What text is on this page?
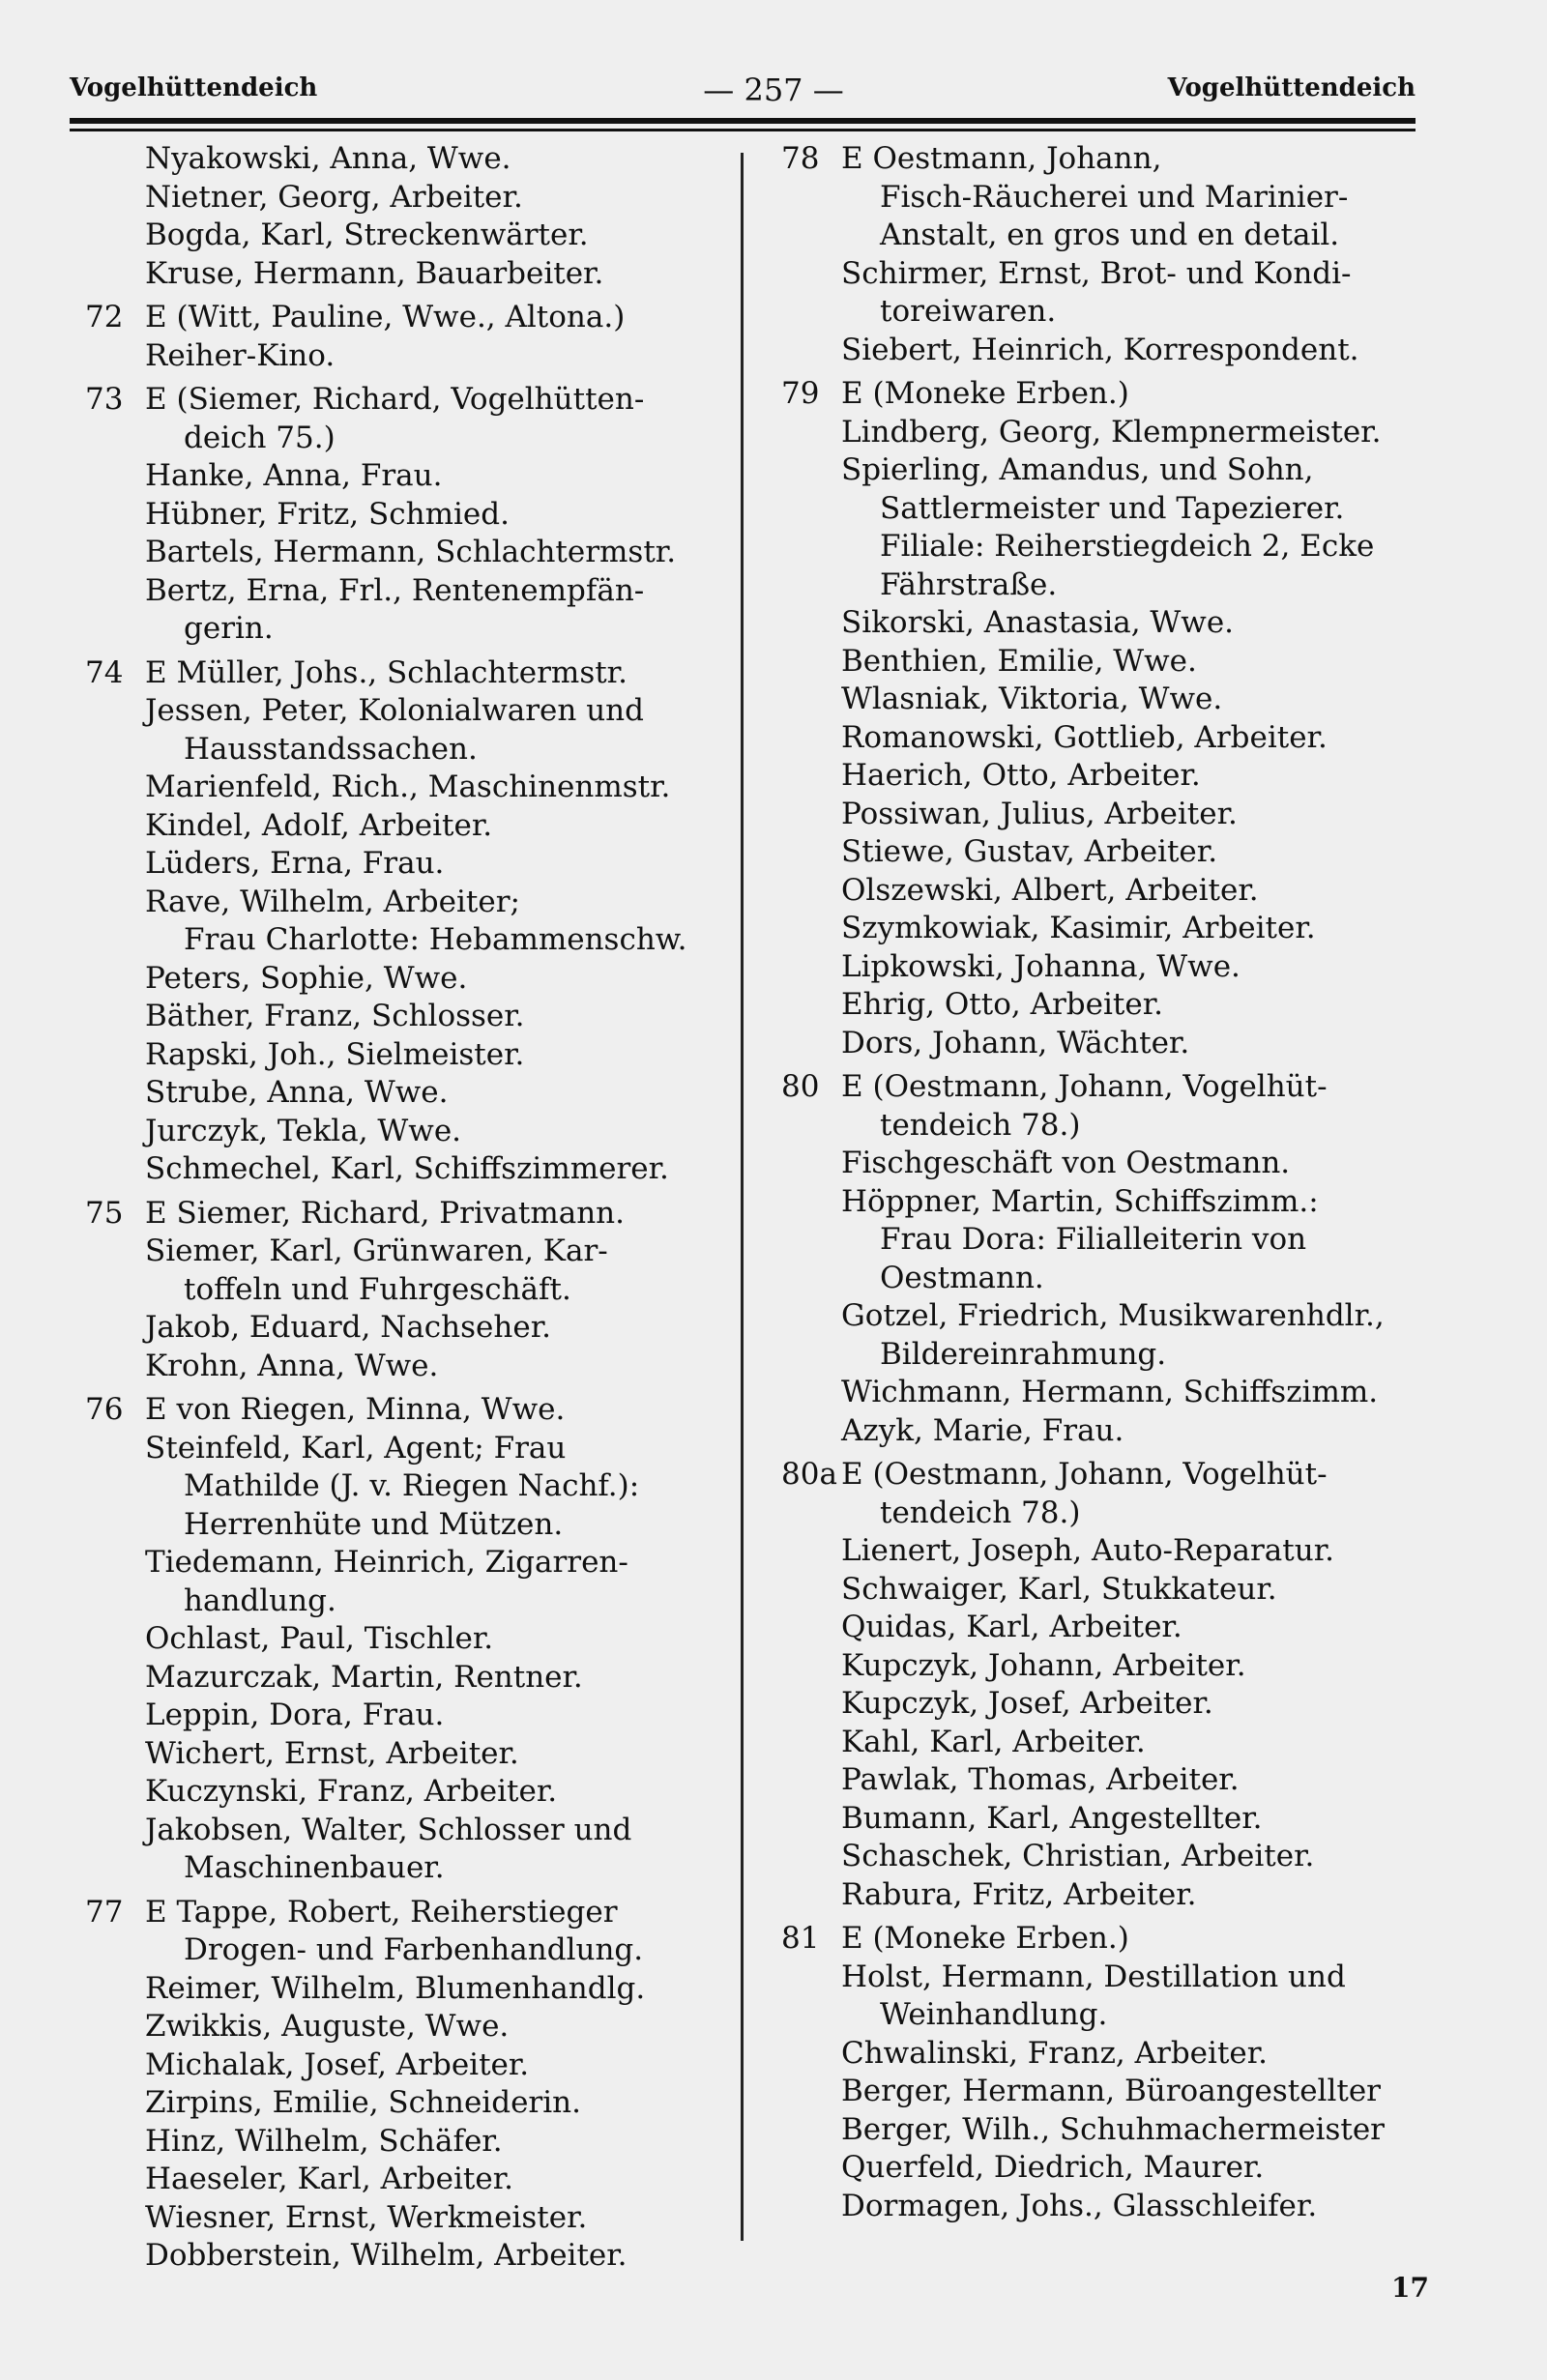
Vogelhüttendeich	— 257 —	Vogelhüttendeich
Nyakowski, Anna, Wwe.
Nietner, Georg, Arbeiter.
Bogda, Karl, Streckenwärter.
Kruse, Hermann, Bauarbeiter.
72 E (Witt, Pauline, Wwe., Altona.)
Reiher-Kino.
73 E (Siemer, Richard, Vogelhütten-
deich 75.)
Hanke, Anna, Frau.
Hübner, Fritz, Schmied.
Bartels, Hermann, Schlachtermstr.
Bertz, Erna, Frl., Rentenempfän-
gerin.
74 E Müller, Johs., Schlachtermstr.
Jessen, Peter, Kolonialwaren und
Hausstandssachen.
Marienfeld, Rich., Maschinenmstr.
Kindel, Adolf, Arbeiter.
Lüders, Erna, Frau.
Rave, Wilhelm, Arbeiter;
Frau Charlotte: Hebammenschw.
Peters, Sophie, Wwe.
Bäther, Franz, Schlosser.
Rapski, Joh., Sielmeister.
Strube, Anna, Wwe.
Jurczyk, Tekla, Wwe.
Schmechel, Karl, Schiffszimmerer.
75 E Siemer, Richard, Privatmann.
Siemer, Karl, Grünwaren, Kar-
toffeln und Fuhrgeschäft.
Jakob, Eduard, Nachseher.
Krohn, Anna, Wwe.
76 E von Riegen, Minna, Wwe.
Steinfeld, Karl, Agent; Frau
Mathilde (J. v. Riegen Nachf.):
Herrenhüte und Mützen.
Tiedemann, Heinrich, Zigarren-
handlung.
Ochlast, Paul, Tischler.
Mazurczak, Martin, Rentner.
Leppin, Dora, Frau.
Wichert, Ernst, Arbeiter.
Kuczynski, Franz, Arbeiter.
Jakobsen, Walter, Schlosser und
Maschinenbauer.
77 E Tappe, Robert, Reiherstieger
Drogen- und Farbenhandlung.
Reimer, Wilhelm, Blumenhandlg.
Zwikkis, Auguste, Wwe.
Michalak, Josef, Arbeiter.
Zirpins, Emilie, Schneiderin.
Hinz, Wilhelm, Schäfer.
Haeseler, Karl, Arbeiter.
Wiesner, Ernst, Werkmeister.
Dobberstein, Wilhelm, Arbeiter.
78 E Oestmann, Johann,
Fisch-Räucherei und Marinier-
Anstalt, en gros und en detail.
Schirmer, Ernst, Brot- und Kondi-
toreiwaren.
Siebert, Heinrich, Korrespondent.
79 E (Moneke Erben.)
Lindberg, Georg, Klempnermeister.
Spierling, Amandus, und Sohn,
Sattlermeister und Tapezierer.
Filiale: Reiherstiegdeich 2, Ecke
Fährstraße.
Sikorski, Anastasia, Wwe.
Benthien, Emilie, Wwe.
Wlasniak, Viktoria, Wwe.
Romanowski, Gottlieb, Arbeiter.
Haerich, Otto, Arbeiter.
Possiwan, Julius, Arbeiter.
Stiewe, Gustav, Arbeiter.
Olszewski, Albert, Arbeiter.
Szymkowiak, Kasimir, Arbeiter.
Lipkowski, Johanna, Wwe.
Ehrig, Otto, Arbeiter.
Dors, Johann, Wächter.
80 E (Oestmann, Johann, Vogelhüt-
tendeich 78.)
Fischgeschäft von Oestmann.
Höppner, Martin, Schiffszimm.:
Frau Dora: Filialleiterin von
Oestmann.
Gotzel, Friedrich, Musikwarenhdlr.,
Bildereinrahmung.
Wichmann, Hermann, Schiffszimm.
Azyk, Marie, Frau.
80a E (Oestmann, Johann, Vogelhüt-
tendeich 78.)
Lienert, Joseph, Auto-Reparatur.
Schwaiger, Karl, Stukkateur.
Quidas, Karl, Arbeiter.
Kupczyk, Johann, Arbeiter.
Kupczyk, Josef, Arbeiter.
Kahl, Karl, Arbeiter.
Pawlak, Thomas, Arbeiter.
Bumann, Karl, Angestellter.
Schaschek, Christian, Arbeiter.
Rabura, Fritz, Arbeiter.
81 E (Moneke Erben.)
Holst, Hermann, Destillation und
Weinhandlung.
Chwalinski, Franz, Arbeiter.
Berger, Hermann, Büroangestellter
Berger, Wilh., Schuhmachermeister
Querfeld, Diedrich, Maurer.
Dormagen, Johs., Glasschleifer.
17
